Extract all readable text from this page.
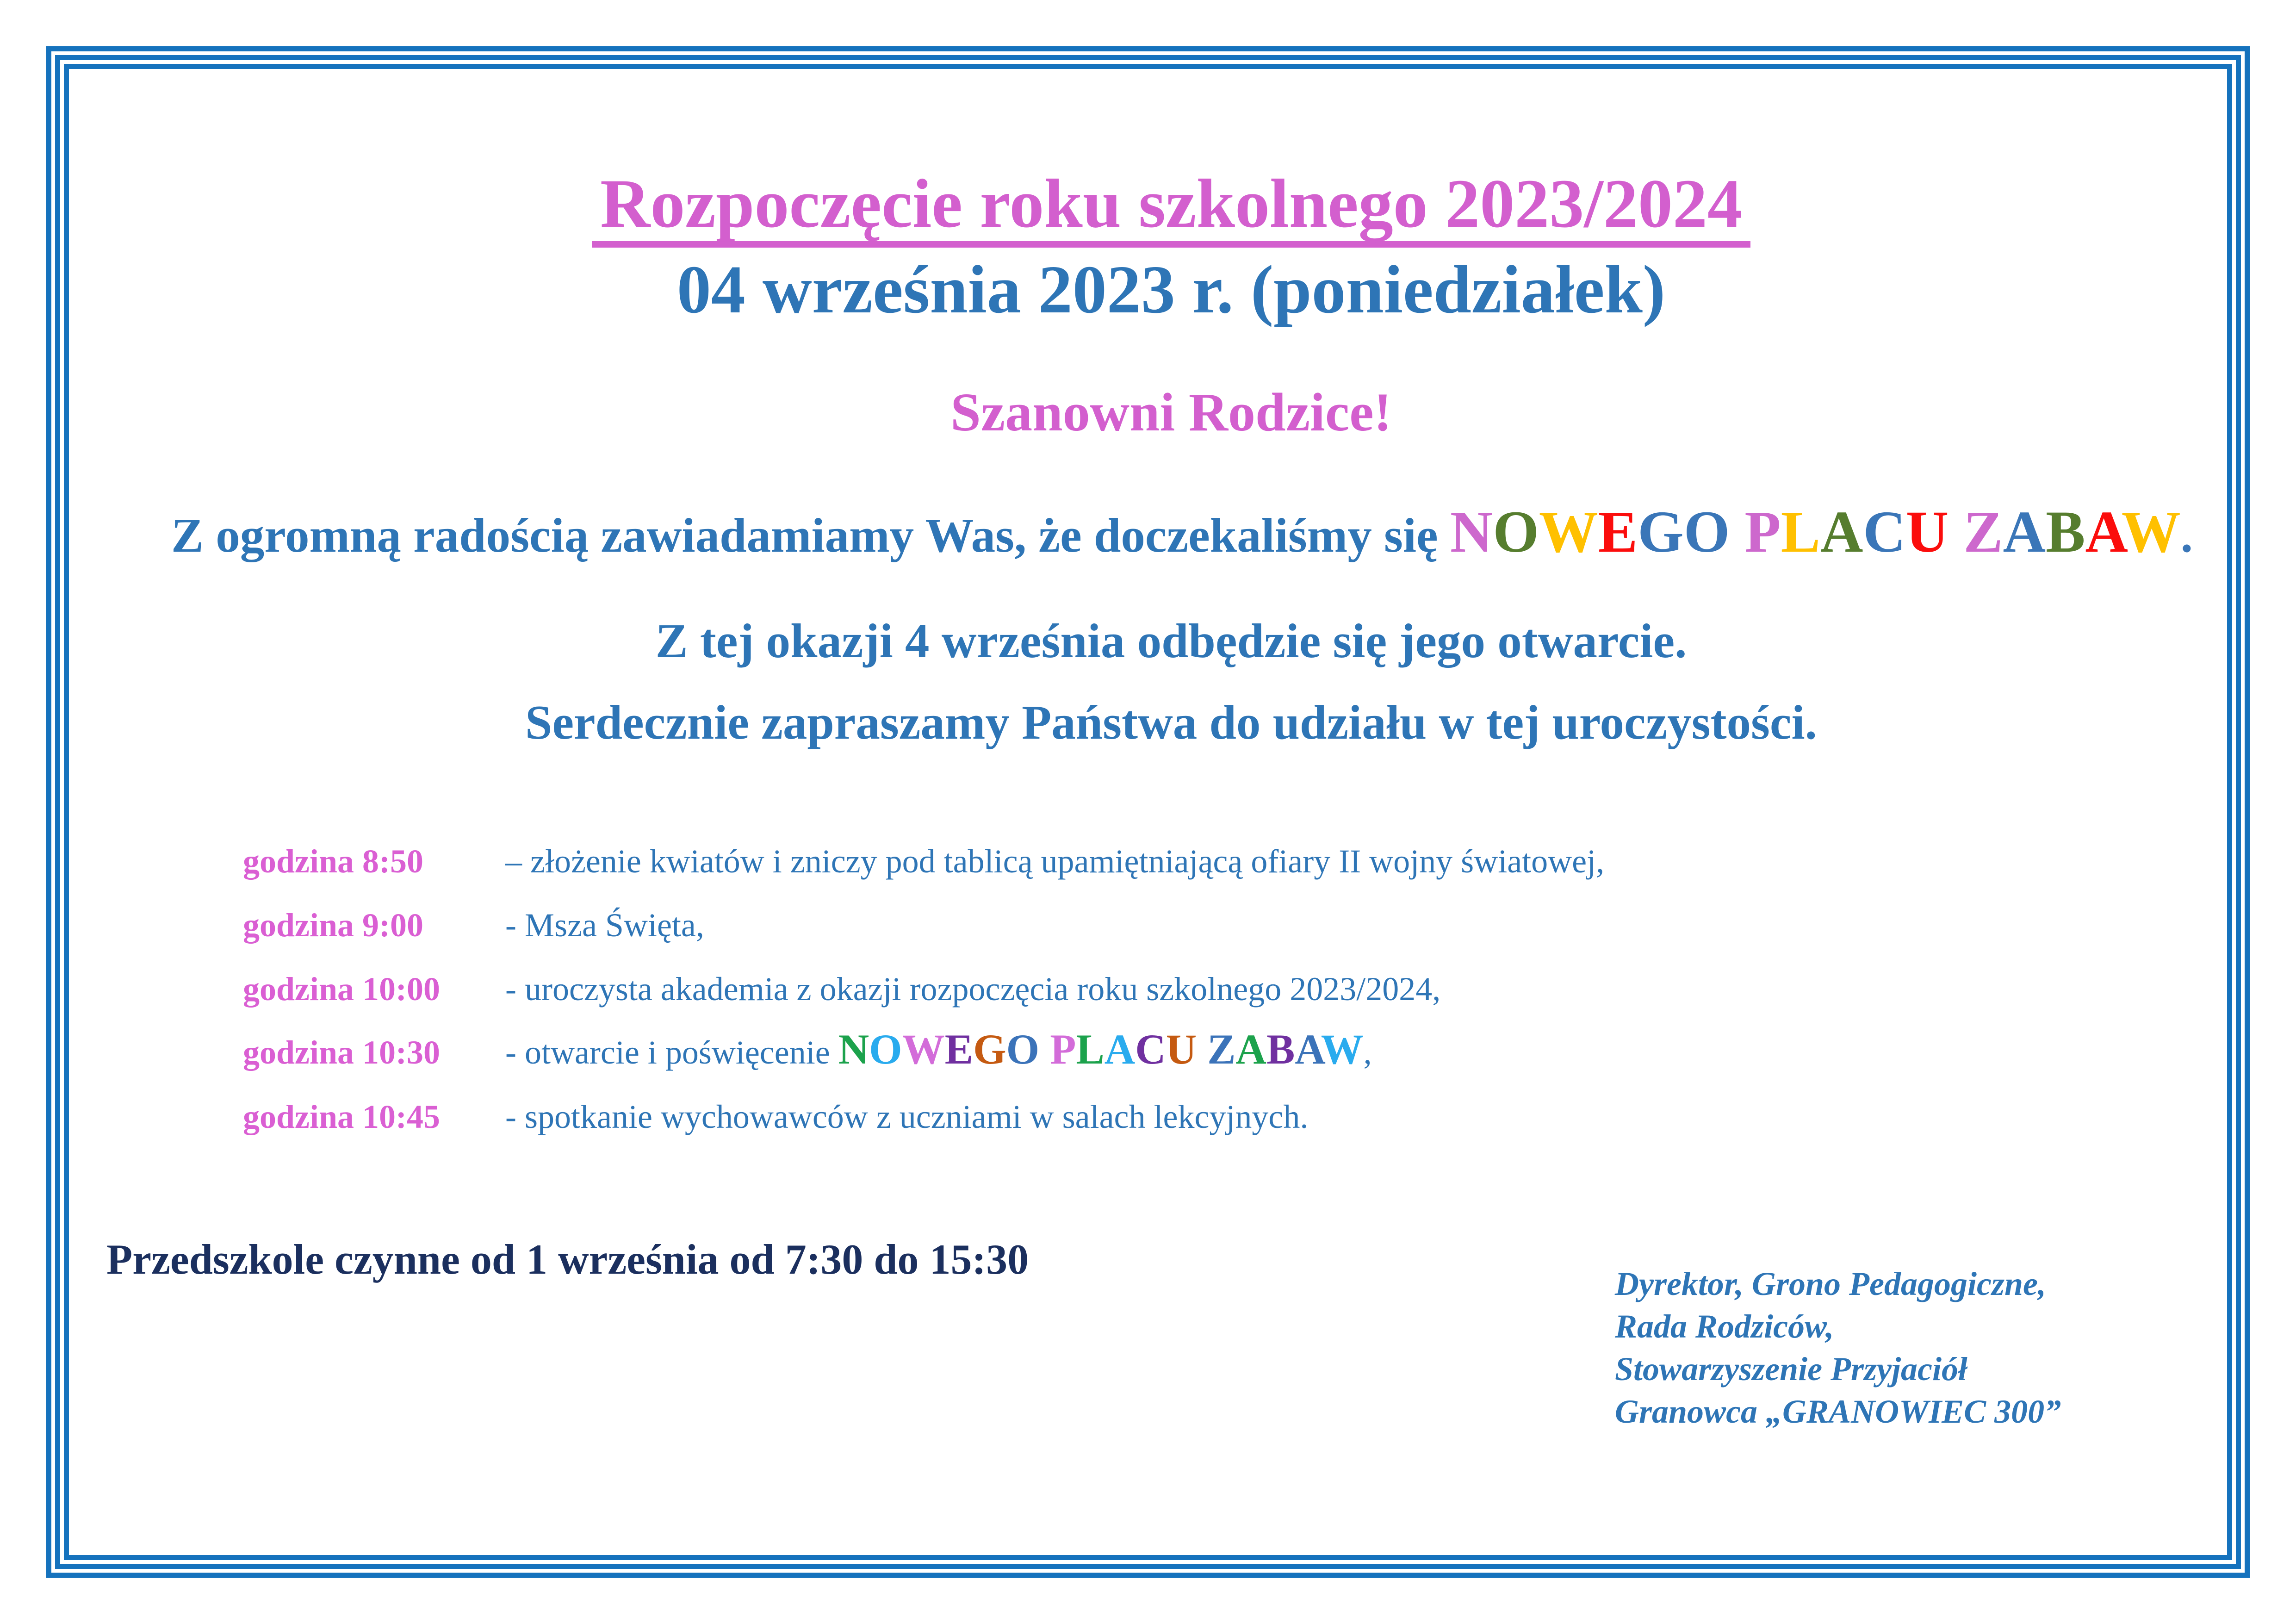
Rozpoczęcie roku szkolnego 2023/2024
04 września 2023 r. (poniedziałek)
Szanowni Rodzice!
Z ogromną radością zawiadamiamy Was, że doczekaliśmy się NOWEGO PLACU ZABAW.
Z tej okazji 4 września odbędzie się jego otwarcie.
Serdecznie zapraszamy Państwa do udziału w tej uroczystości.
godzina 8:50 – złożenie kwiatów i zniczy pod tablicą upamiętniającą ofiary II wojny światowej,
godzina 9:00 - Msza Święta,
godzina 10:00 - uroczysta akademia z okazji rozpoczęcia roku szkolnego 2023/2024,
godzina 10:30 - otwarcie i poświęcenie NOWEGO PLACU ZABAW,
godzina 10:45 - spotkanie wychowawców z uczniami w salach lekcyjnych.
Przedszkole czynne od 1 września od 7:30 do 15:30
Dyrektor, Grono Pedagogiczne,
Rada Rodziców,
Stowarzyszenie Przyjaciół
Granowca „GRANOWIEC 300”
